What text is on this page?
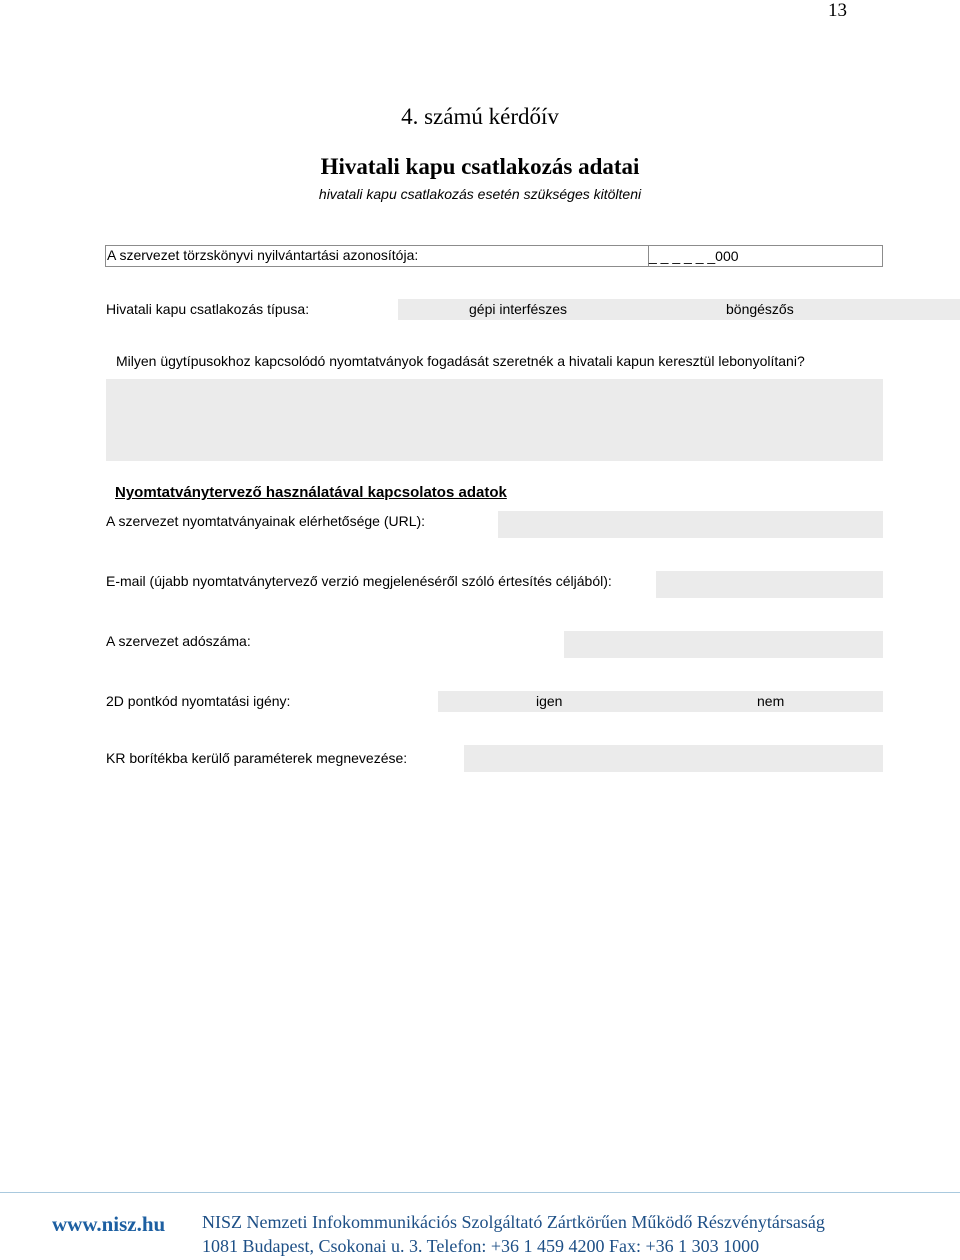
13
4. számú kérdőív
Hivatali kapu csatlakozás adatai
hivatali kapu csatlakozás esetén szükséges kitölteni
A szervezet törzskönyvi nyilvántartási azonosítója:	_ _ _ _ _ _000
Hivatali kapu csatlakozás típusa:	gépi interfészes	böngészős
Milyen ügytípusokhoz kapcsolódó nyomtatványok fogadását szeretnék a hivatali kapun keresztül lebonyolítani?
Nyomtatványtervező használatával kapcsolatos adatok
A szervezet nyomtatványainak elérhetősége (URL):
E-mail (újabb nyomtatványtervező verzió megjelenéséről szóló értesítés céljából):
A szervezet adószáma:
2D pontkód nyomtatási igény:	igen	nem
KR borítékba kerülő paraméterek megnevezése:
www.nisz.hu NISZ Nemzeti Infokommunikációs Szolgáltató Zártkörűen Működő Részvénytársaság
1081 Budapest, Csokonai u. 3. Telefon: +36 1 459 4200 Fax: +36 1 303 1000
